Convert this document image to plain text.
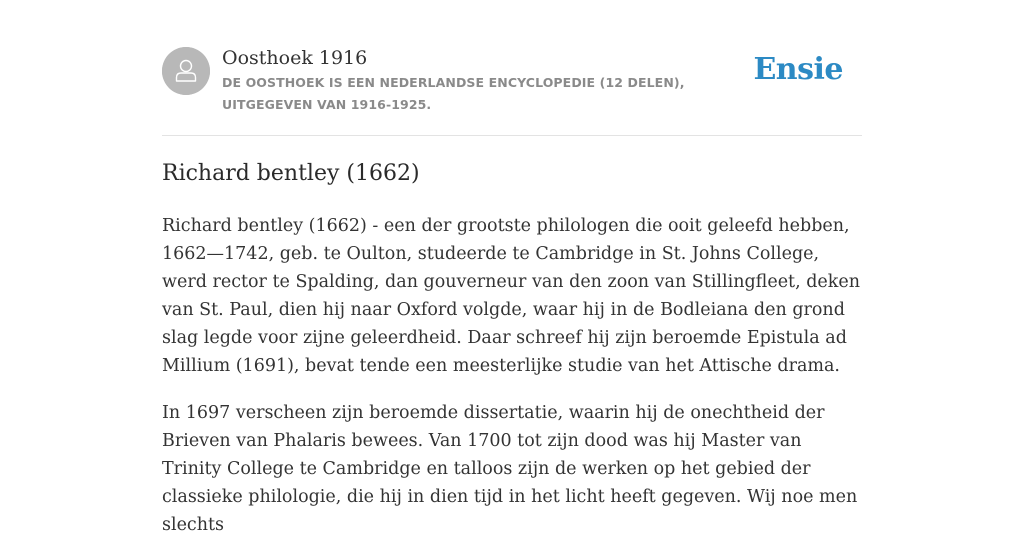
Oosthoek 1916
DE OOSTHOEK IS EEN NEDERLANDSE ENCYCLOPEDIE (12 DELEN), UITGEGEVEN VAN 1916-1925.
Ensie
Richard bentley (1662)

Richard bentley (1662) - een der grootste philologen die ooit geleefd hebben, 1662—1742, geb. te Oulton, studeerde te Cambridge in St. Johns College, werd rector te Spalding, dan gouverneur van den zoon van Stillingfleet, deken van St. Paul, dien hij naar Oxford volgde, waar hij in de Bodleiana den grond slag legde voor zijne geleerdheid. Daar schreef hij zijn beroemde Epistula ad Millium (1691), bevat tende een meesterlijke studie van het Attische drama.

In 1697 verscheen zijn beroemde dissertatie, waarin hij de onechtheid der Brieven van Phalaris bewees. Van 1700 tot zijn dood was hij Master van Trinity College te Cambridge en talloos zijn de werken op het gebied der classieke philologie, die hij in dien tijd in het licht heeft gegeven. Wij noe men slechts
